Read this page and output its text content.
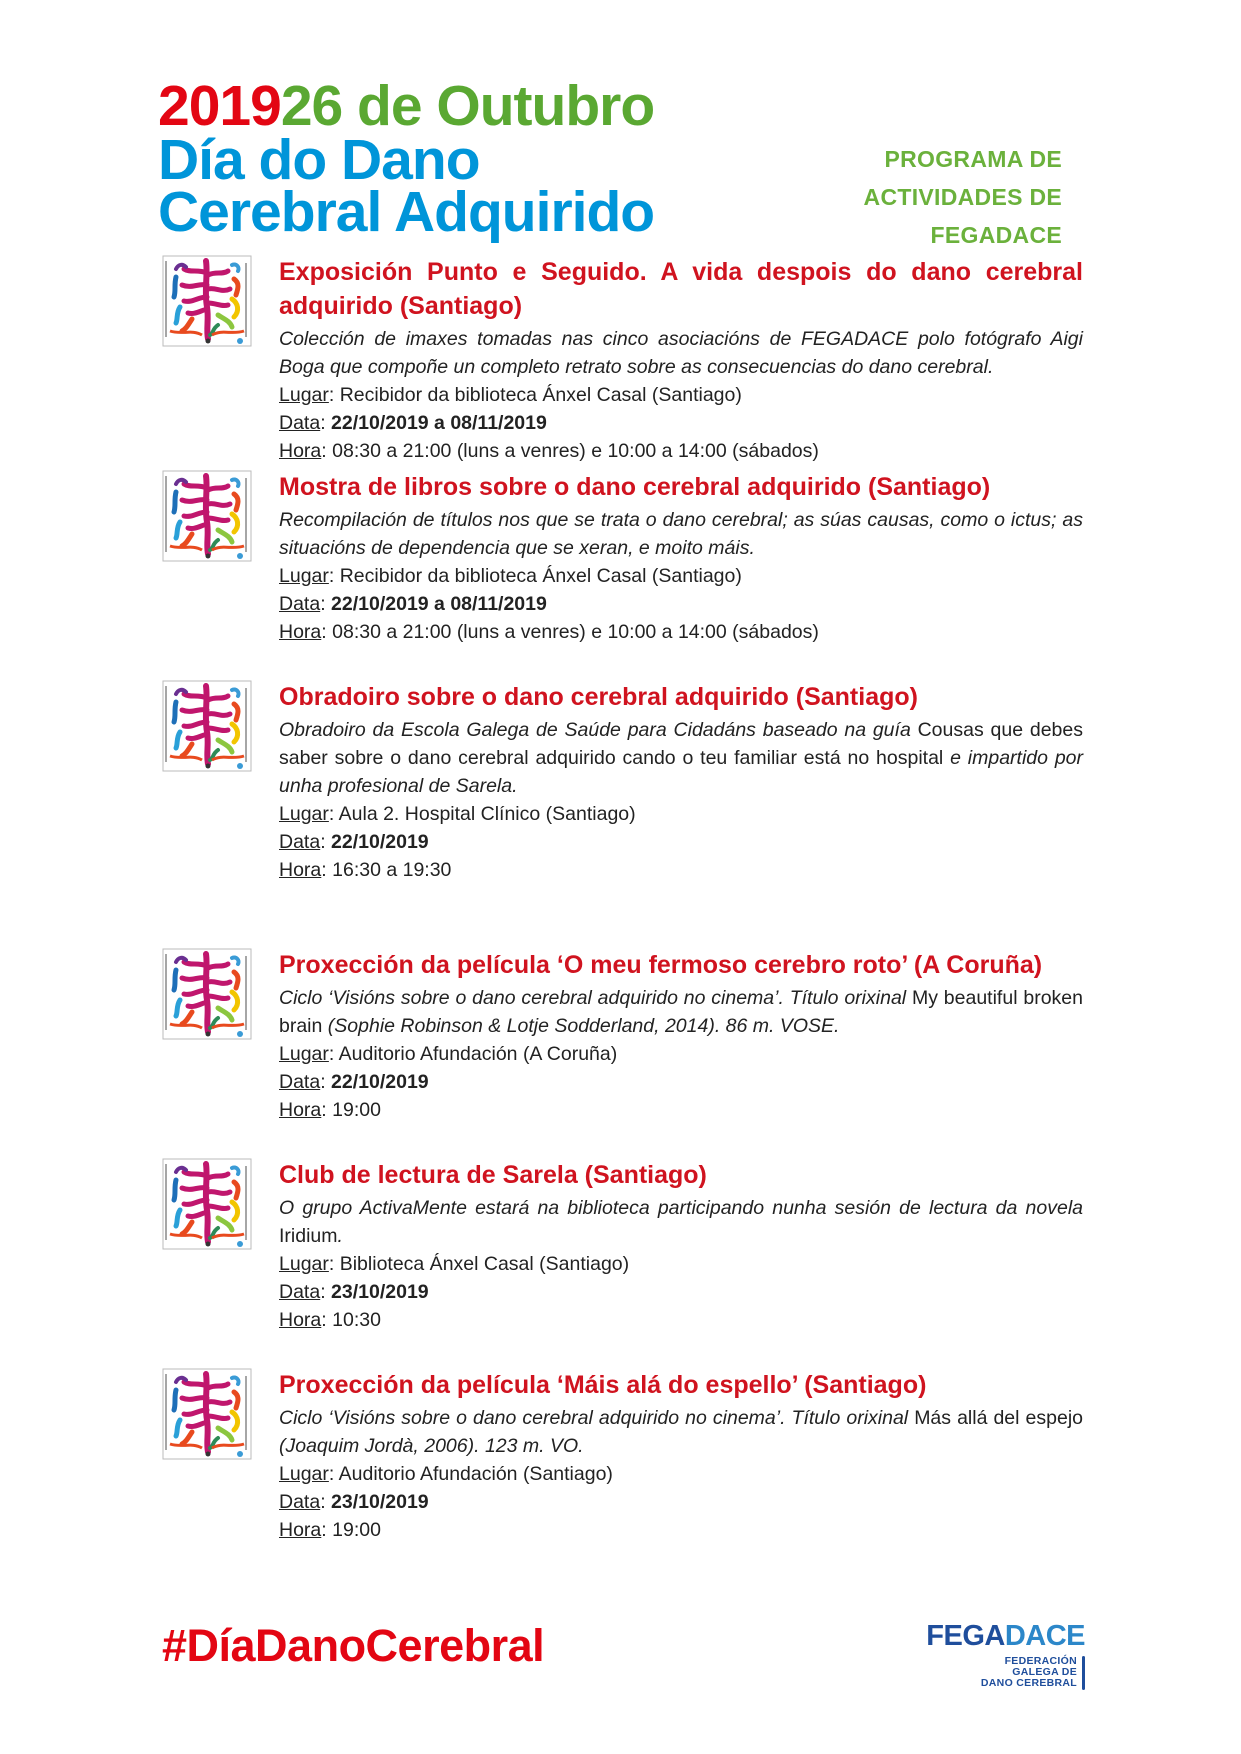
201926 de Outubro
Día do Dano
Cerebral Adquirido
PROGRAMA DE
ACTIVIDADES DE
FEGADACE
Exposición Punto e Seguido. A vida despois do dano cerebral adquirido (Santiago)

Colección de imaxes tomadas nas cinco asociacións de FEGADACE polo fotógrafo Aigi Boga que compoñe un completo retrato sobre as consecuencias do dano cerebral.

Lugar: Recibidor da biblioteca Ánxel Casal (Santiago)

Data: 22/10/2019 a 08/11/2019

Hora: 08:30 a 21:00 (luns a venres) e 10:00 a 14:00 (sábados)

Mostra de libros sobre o dano cerebral adquirido (Santiago)

Recompilación de títulos nos que se trata o dano cerebral; as súas causas, como o ictus; as situacións de dependencia que se xeran, e moito máis.

Lugar: Recibidor da biblioteca Ánxel Casal (Santiago)

Data: 22/10/2019 a 08/11/2019

Hora: 08:30 a 21:00 (luns a venres) e 10:00 a 14:00 (sábados)

Obradoiro sobre o dano cerebral adquirido (Santiago)

Obradoiro da Escola Galega de Saúde para Cidadáns baseado na guía Cousas que debes saber sobre o dano cerebral adquirido cando o teu familiar está no hospital e impartido por unha profesional de Sarela.

Lugar: Aula 2. Hospital Clínico (Santiago)

Data: 22/10/2019

Hora: 16:30 a 19:30

Proxección da película ‘O meu fermoso cerebro roto’ (A Coruña)

Ciclo ‘Visións sobre o dano cerebral adquirido no cinema’. Título orixinal My beautiful broken brain (Sophie Robinson & Lotje Sodderland, 2014). 86 m. VOSE.

Lugar: Auditorio Afundación (A Coruña)

Data: 22/10/2019

Hora: 19:00

Club de lectura de Sarela (Santiago)

O grupo ActivaMente estará na biblioteca participando nunha sesión de lectura da novela Iridium.

Lugar: Biblioteca Ánxel Casal (Santiago)

Data: 23/10/2019

Hora: 10:30

Proxección da película ‘Máis alá do espello’ (Santiago)

Ciclo ‘Visións sobre o dano cerebral adquirido no cinema’. Título orixinal Más allá del espejo (Joaquim Jordà, 2006). 123 m. VO.

Lugar: Auditorio Afundación (Santiago)

Data: 23/10/2019

Hora: 19:00

#DíaDanoCerebral	FEGADACE
FEDERACIÓN
GALEGA DE
DANO CEREBRAL
